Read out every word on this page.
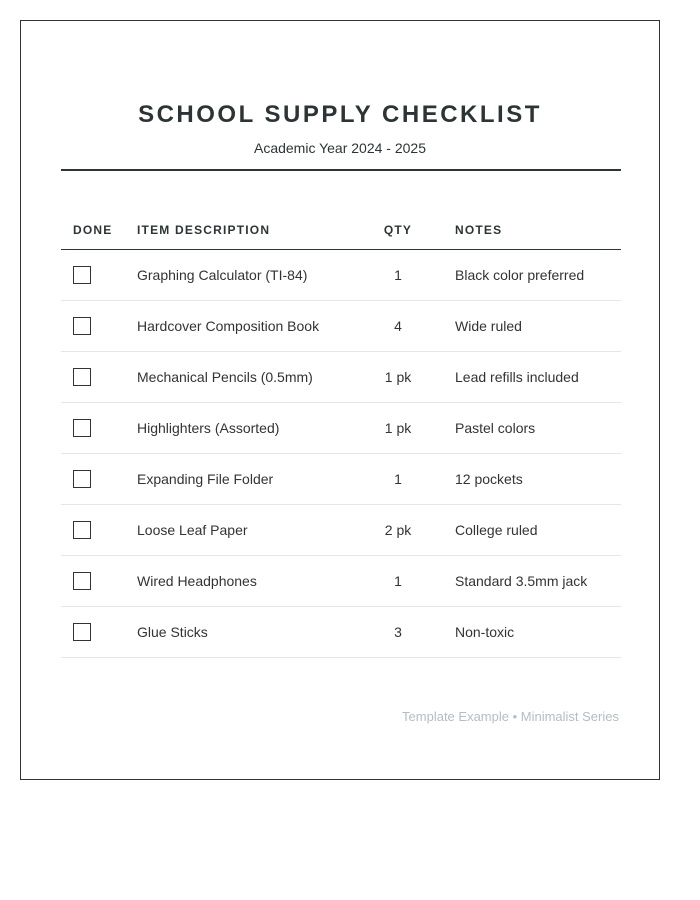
SCHOOL SUPPLY CHECKLIST
Academic Year 2024 - 2025
DONE	ITEM DESCRIPTION	QTY	NOTES

	Graphing Calculator (TI-84)	1	Black color preferred

	Hardcover Composition Book	4	Wide ruled

	Mechanical Pencils (0.5mm)	1 pk	Lead refills included

	Highlighters (Assorted)	1 pk	Pastel colors

	Expanding File Folder	1	12 pockets

	Loose Leaf Paper	2 pk	College ruled

	Wired Headphones	1	Standard 3.5mm jack

	Glue Sticks	3	Non-toxic
Template Example • Minimalist Series
